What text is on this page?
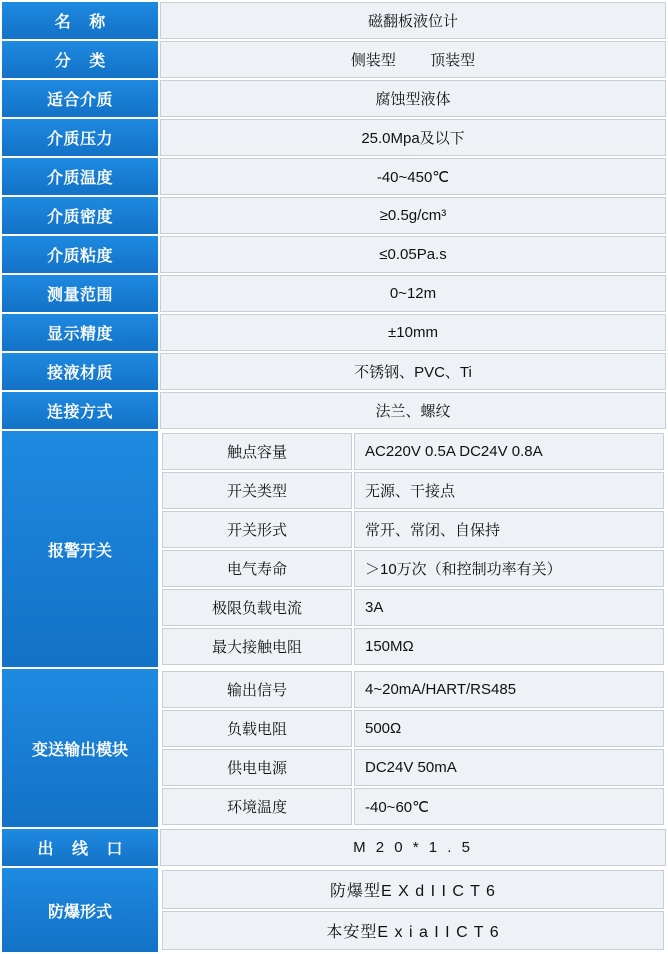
名 称	磁翻板液位计
分 类	侧装型 顶装型
适合介质	腐蚀型液体
介质压力	25.0Mpa及以下
介质温度	-40~450℃
介质密度	≥0.5g/cm³
介质粘度	≤0.05Pa.s
测量范围	0~12m
显示精度	±10mm
接液材质	不锈钢、PVC、Ti
连接方式	法兰、螺纹
报警开关	
触点容量	AC220V 0.5A DC24V 0.8A
开关类型	无源、干接点
开关形式	常开、常闭、自保持
电气寿命	＞10万次（和控制功率有关）
极限负载电流	3A
最大接触电阻	150MΩ

变送输出模块	
输出信号	4~20mA/HART/RS485
负载电阻	500Ω
供电电源	DC24V 50mA
环境温度	-40~60℃

出 线 口	M 2 0 * 1 . 5
防爆形式	
防爆型E X d I I C T 6
本安型E x i a I I C T 6
